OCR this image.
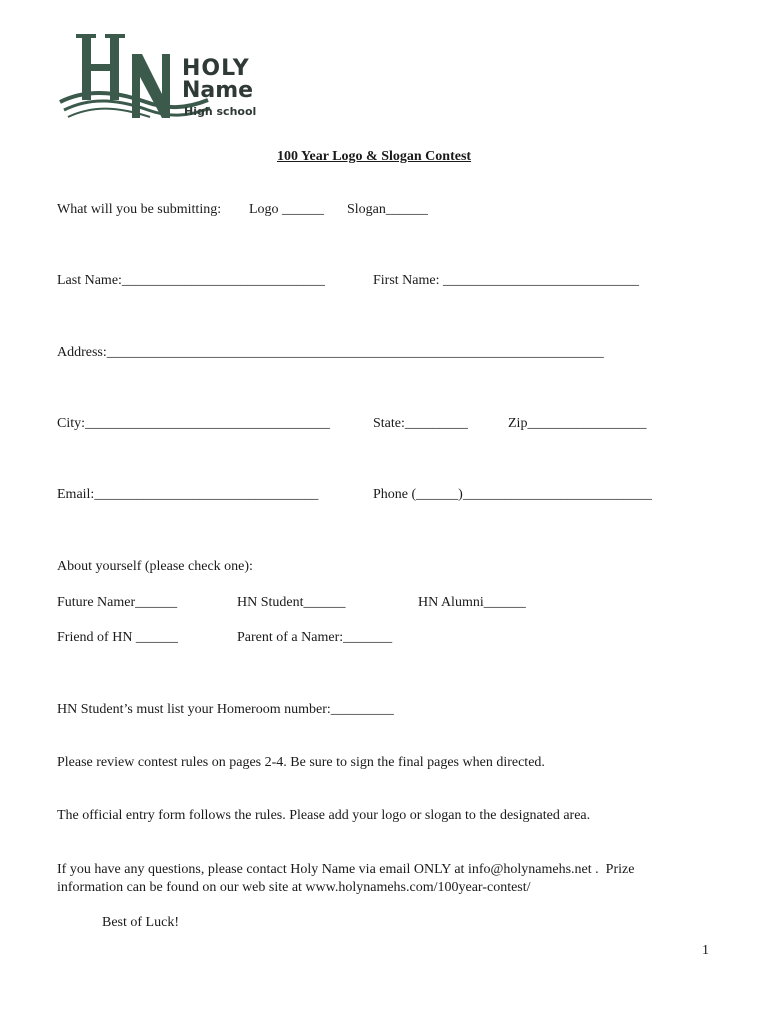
HOLY
Name
High school
100 Year Logo & Slogan Contest
What will you be submitting: Logo ______ Slogan______
Last Name:_____________________________	First Name: ____________________________
Address:_______________________________________________________________________
City:___________________________________	State:_________	Zip_________________
Email:________________________________	Phone (______)___________________________
About yourself (please check one):
Future Namer______	HN Student______	HN Alumni______
Friend of HN ______	Parent of a Namer:_______
HN Student’s must list your Homeroom number:_________
Please review contest rules on pages 2-4. Be sure to sign the final pages when directed.
The official entry form follows the rules. Please add your logo or slogan to the designated area.
If you have any questions, please contact Holy Name via email ONLY at info@holynamehs.net .  Prize
information can be found on our web site at www.holynamehs.com/100year-contest/
Best of Luck!
1
